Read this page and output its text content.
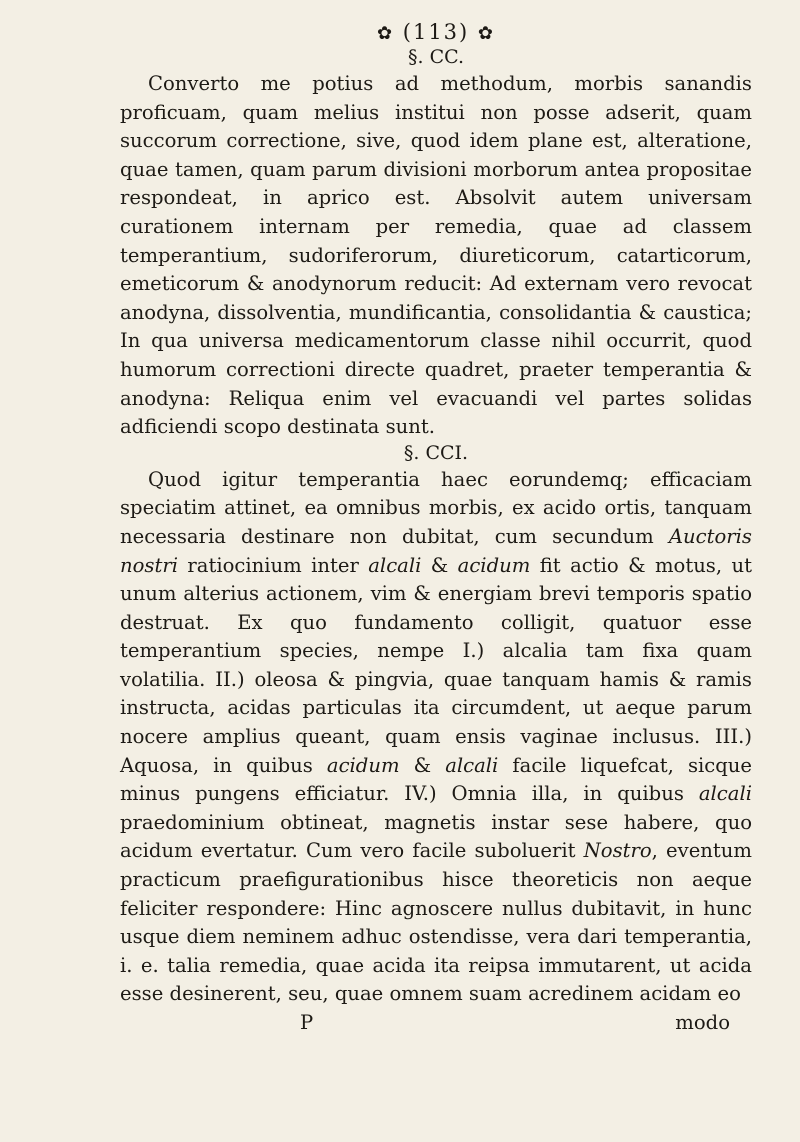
✿ (113) ✿
§. CC.

Converto me potius ad methodum, morbis sanandis proficuam, quam melius institui non posse adserit, quam succorum correctione, sive, quod idem plane est, alteratione, quae tamen, quam parum divisioni morborum antea propositae respondeat, in aprico est. Absolvit autem universam curationem internam per remedia, quae ad classem temperantium, sudoriferorum, diureticorum, catarticorum, emeticorum & anodynorum reducit: Ad externam vero revocat anodyna, dissolventia, mundificantia, consolidantia & caustica; In qua universa medicamentorum classe nihil occurrit, quod humorum correctioni directe quadret, praeter temperantia & anodyna: Reliqua enim vel evacuandi vel partes solidas adficiendi scopo destinata sunt.

§. CCI.

Quod igitur temperantia haec eorundemq; efficaciam speciatim attinet, ea omnibus morbis, ex acido ortis, tanquam necessaria destinare non dubitat, cum secundum Auctoris nostri ratiocinium inter alcali & acidum fit actio & motus, ut unum alterius actionem, vim & energiam brevi temporis spatio destruat. Ex quo fundamento colligit, quatuor esse temperantium species, nempe I.) alcalia tam fixa quam volatilia. II.) oleosa & pingvia, quae tanquam hamis & ramis instructa, acidas particulas ita circumdent, ut aeque parum nocere amplius queant, quam ensis vaginae inclusus. III.) Aquosa, in quibus acidum & alcali facile liquefcat, sicque minus pungens efficiatur. IV.) Omnia illa, in quibus alcali praedominium obtineat, magnetis instar sese habere, quo acidum evertatur. Cum vero facile suboluerit Nostro, eventum practicum praefigurationibus hisce theoreticis non aeque feliciter respondere: Hinc agnoscere nullus dubitavit, in hunc usque diem neminem adhuc ostendisse, vera dari temperantia, i. e. talia remedia, quae acida ita reipsa immutarent, ut acida esse desinerent, seu, quae omnem suam acredinem acidam eo

P	modo
